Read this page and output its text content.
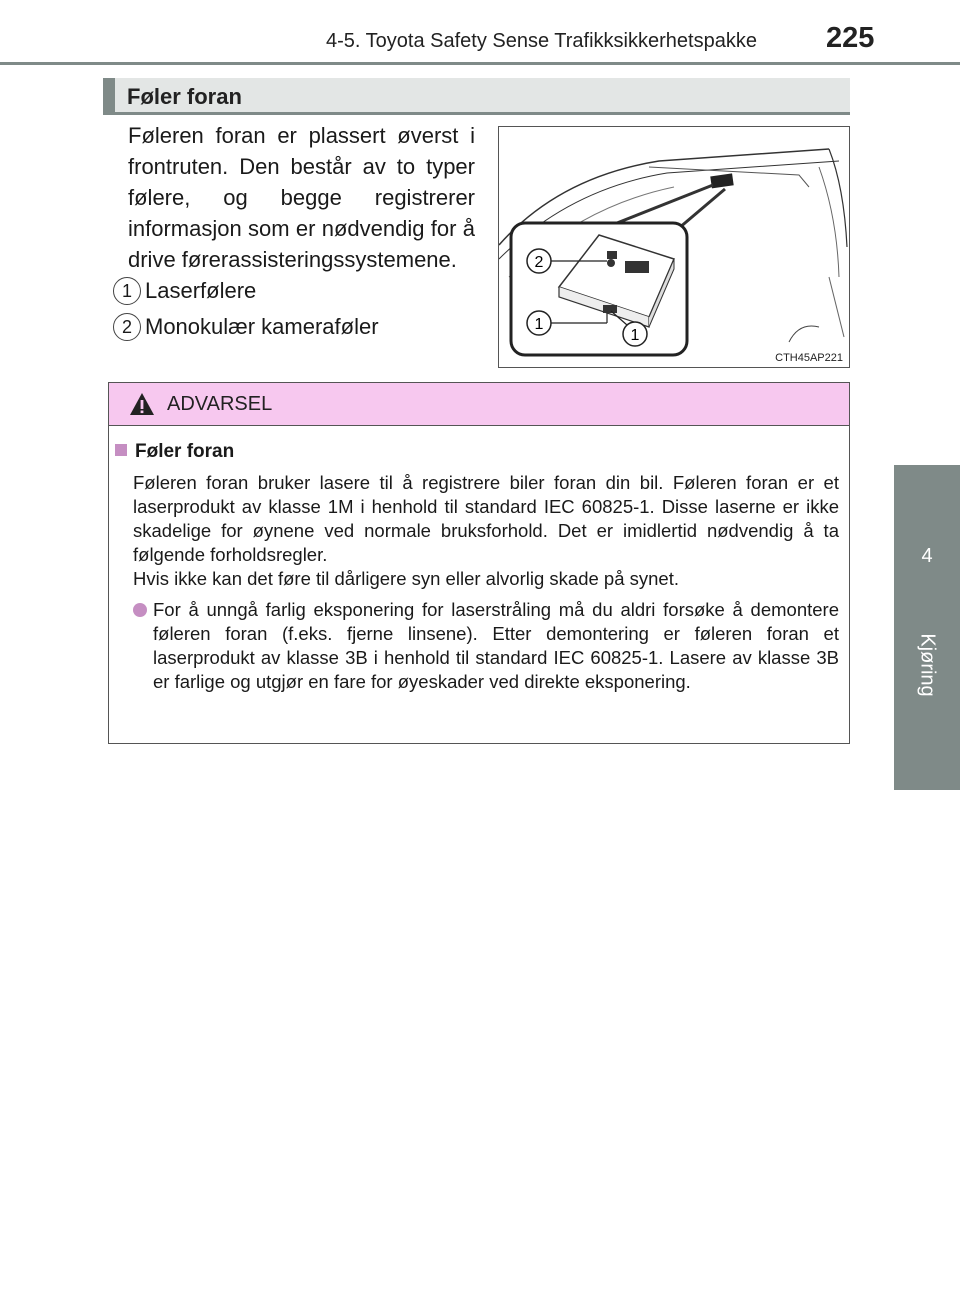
4-5. Toyota Safety Sense Trafikksikkerhetspakke 225
4
Kjøring
Føler foran
Føleren foran er plassert øverst i frontruten. Den består av to typer følere, og begge registrerer informasjon som er nødvendig for å drive førerassisteringssystemene.
1 Laserfølere
2 Monokulær kameraføler
2
1
1
CTH45AP221
ADVARSEL
Føler foran

Føleren foran bruker lasere til å registrere biler foran din bil. Føleren foran er et laserprodukt av klasse 1M i henhold til standard IEC 60825-1. Disse laserne er ikke skadelige for øynene ved normale bruksforhold. Det er imidlertid nødvendig å ta følgende forholdsregler.

Hvis ikke kan det føre til dårligere syn eller alvorlig skade på synet.

For å unngå farlig eksponering for laserstråling må du aldri forsøke å demontere føleren foran (f.eks. fjerne linsene). Etter demontering er føleren foran et laserprodukt av klasse 3B i henhold til standard IEC 60825-1. Lasere av klasse 3B er farlige og utgjør en fare for øyeskader ved direkte eksponering.
